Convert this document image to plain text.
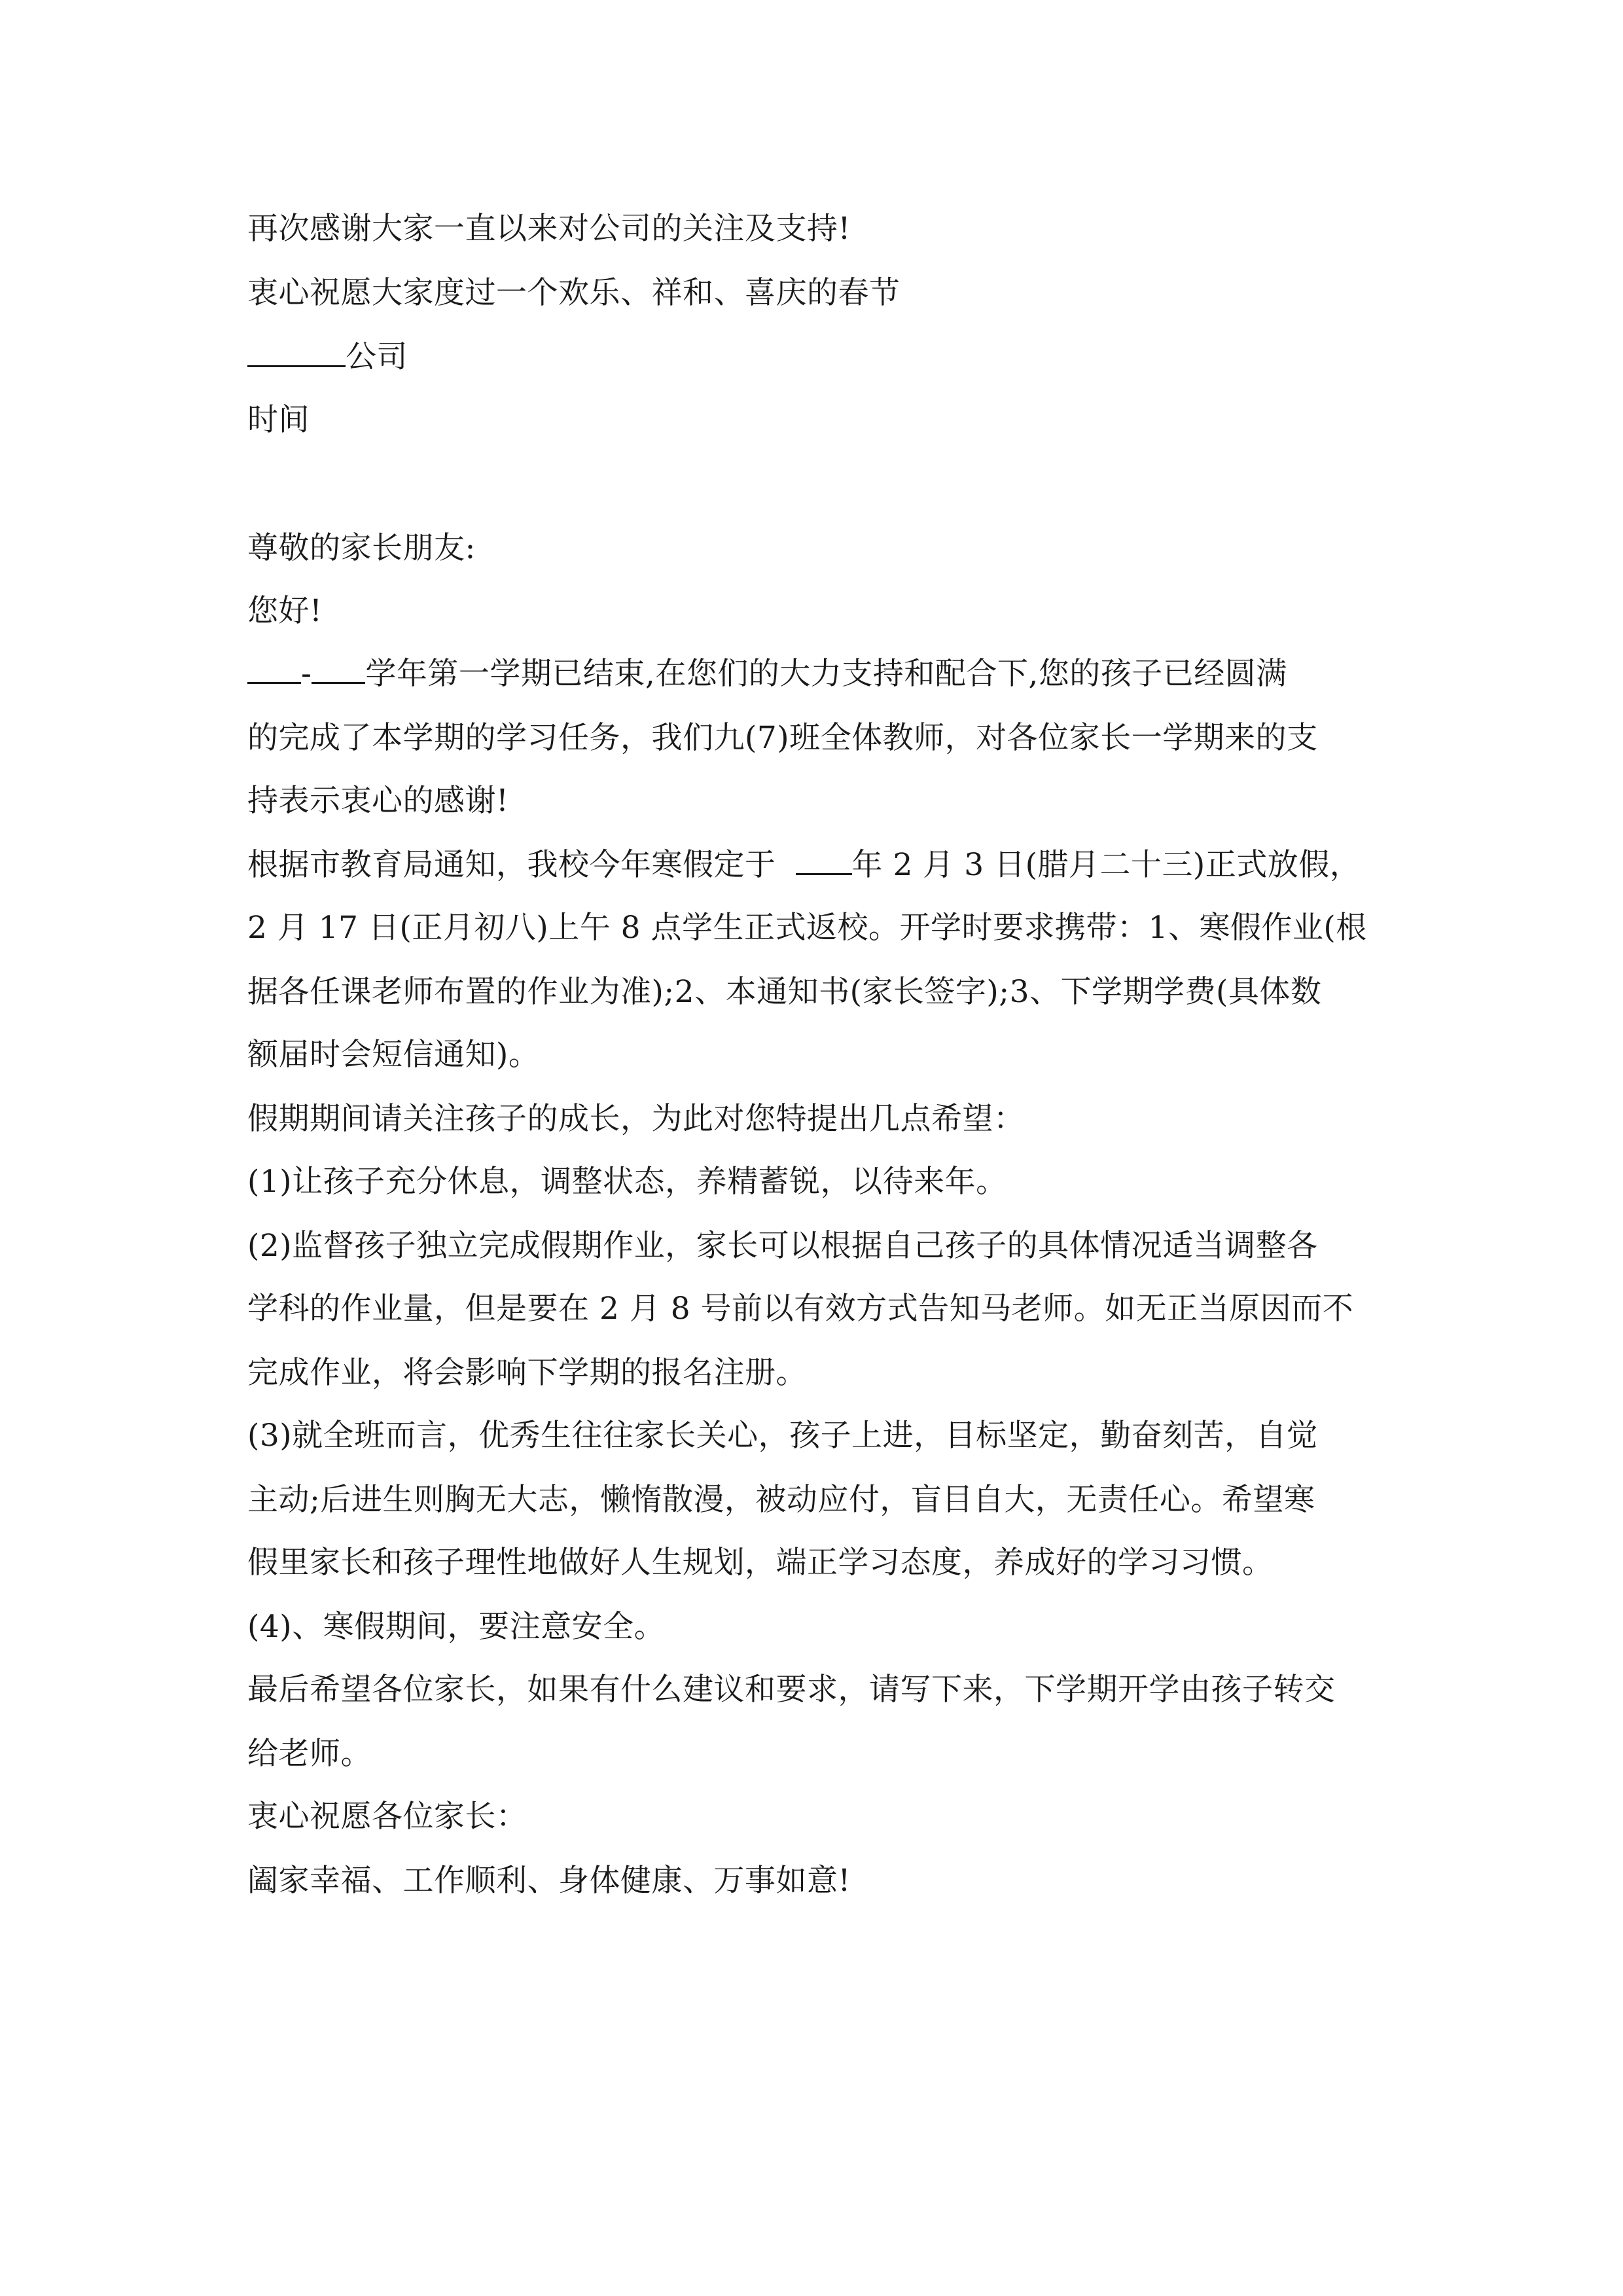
再次感谢大家一直以来对公司的关注及支持!
衷心祝愿大家度过一个欢乐、祥和、喜庆的春节
公司
时间
尊敬的家长朋友:
您好!
- 学年第一学期已结束,在您们的大力支持和配合下,您的孩子已经圆满
的完成了本学期的学习任务，我们九(7)班全体教师，对各位家长一学期来的支
持表示衷心的感谢!
根据市教育局通知，我校今年寒假定于 年 2 月 3 日(腊月二十三)正式放假，
2 月 17 日(正月初八)上午 8 点学生正式返校。开学时要求携带：1、寒假作业(根
据各任课老师布置的作业为准);2、本通知书(家长签字);3、下学期学费(具体数
额届时会短信通知)。
假期期间请关注孩子的成长，为此对您特提出几点希望：
(1)让孩子充分休息，调整状态，养精蓄锐，以待来年。
(2)监督孩子独立完成假期作业，家长可以根据自己孩子的具体情况适当调整各
学科的作业量，但是要在 2 月 8 号前以有效方式告知马老师。如无正当原因而不
完成作业，将会影响下学期的报名注册。
(3)就全班而言，优秀生往往家长关心，孩子上进，目标坚定，勤奋刻苦，自觉
主动;后进生则胸无大志，懒惰散漫，被动应付，盲目自大，无责任心。希望寒
假里家长和孩子理性地做好人生规划，端正学习态度，养成好的学习习惯。
(4)、寒假期间，要注意安全。
最后希望各位家长，如果有什么建议和要求，请写下来，下学期开学由孩子转交
给老师。
衷心祝愿各位家长：
阖家幸福、工作顺利、身体健康、万事如意!
